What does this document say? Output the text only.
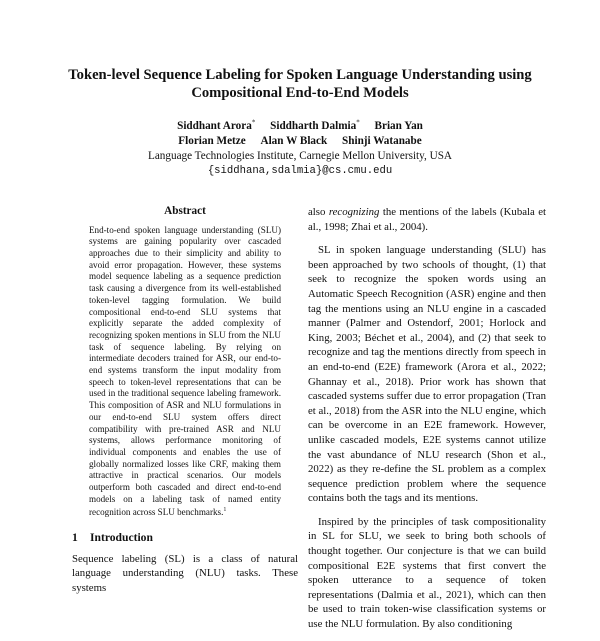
Token-level Sequence Labeling for Spoken Language Understanding using
Compositional End-to-End Models
Siddhant Arora* Siddharth Dalmia* Brian Yan
Florian Metze Alan W Black Shinji Watanabe
Language Technologies Institute, Carnegie Mellon University, USA
{siddhana,sdalmia}@cs.cmu.edu
Abstract
End-to-end spoken language understanding (SLU) systems are gaining popularity over cascaded approaches due to their simplicity and ability to avoid error propagation. However, these systems model sequence labeling as a sequence prediction task causing a divergence from its well-established token-level tagging formulation. We build compositional end-to-end SLU systems that explicitly separate the added complexity of recognizing spoken mentions in SLU from the NLU task of sequence labeling. By relying on intermediate decoders trained for ASR, our end-to-end systems transform the input modality from speech to token-level representations that can be used in the traditional sequence labeling framework. This composition of ASR and NLU formulations in our end-to-end SLU system offers direct compatibility with pre-trained ASR and NLU systems, allows performance monitoring of individual components and enables the use of globally normalized losses like CRF, making them attractive in practical scenarios. Our models outperform both cascaded and direct end-to-end models on a labeling task of named entity recognition across SLU benchmarks.$^1$
1 Introduction

Sequence labeling (SL) is a class of natural language understanding (NLU) tasks. These systems

also recognizing the mentions of the labels (Kubala et al., 1998; Zhai et al., 2004).

SL in spoken language understanding (SLU) has been approached by two schools of thought, (1) that seek to recognize the spoken words using an Automatic Speech Recognition (ASR) engine and then tag the mentions using an NLU engine in a cascaded manner (Palmer and Ostendorf, 2001; Horlock and King, 2003; Béchet et al., 2004), and (2) that seek to recognize and tag the mentions directly from speech in an end-to-end (E2E) framework (Arora et al., 2022; Ghannay et al., 2018). Prior work has shown that cascaded systems suffer due to error propagation (Tran et al., 2018) from the ASR into the NLU engine, which can be overcome in an E2E framework. However, unlike cascaded models, E2E systems cannot utilize the vast abundance of NLU research (Shon et al., 2022) as they re-define the SL problem as a complex sequence prediction problem where the sequence contains both the tags and its mentions.

Inspired by the principles of task compositionality in SL for SLU, we seek to bring both schools of thought together. Our conjecture is that we can build compositional E2E systems that first convert the spoken utterance to a sequence of token representations (Dalmia et al., 2021), which can then be used to train token-wise classification systems or use the NLU formulation. By also conditioning
